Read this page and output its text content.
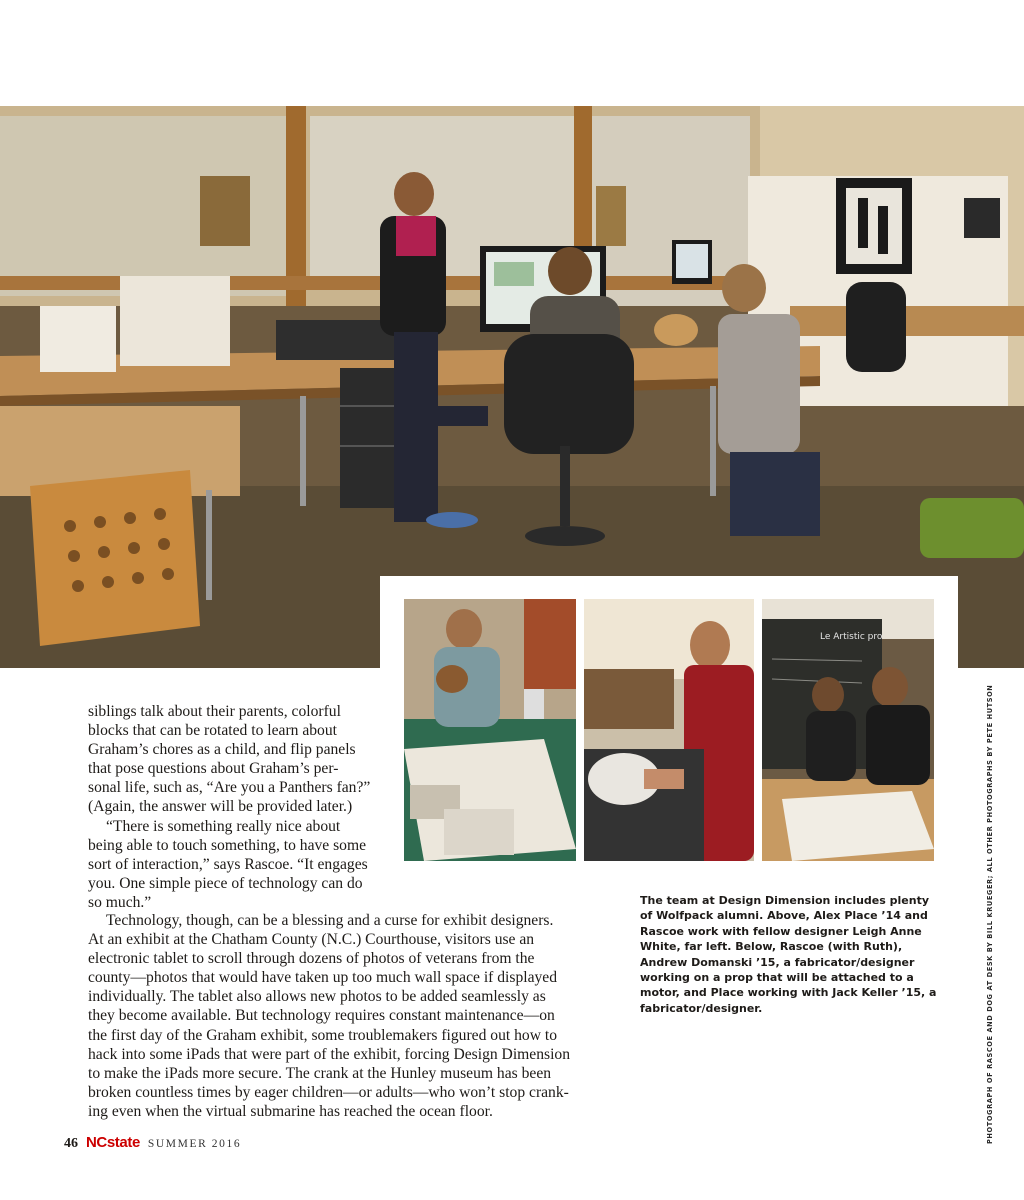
Le Artistic pro

siblings talk about their parents, colorful

blocks that can be rotated to learn about

Graham’s chores as a child, and flip panels

that pose questions about Graham’s per-

sonal life, such as, “Are you a Panthers fan?”

(Again, the answer will be provided later.)

“There is something really nice about

being able to touch something, to have some

sort of interaction,” says Rascoe. “It engages

you. One simple piece of technology can do

so much.”

Technology, though, can be a blessing and a curse for exhibit designers.

At an exhibit at the Chatham County (N.C.) Courthouse, visitors use an

electronic tablet to scroll through dozens of photos of veterans from the

county—photos that would have taken up too much wall space if displayed

individually. The tablet also allows new photos to be added seamlessly as

they become available. But technology requires constant maintenance—on

the first day of the Graham exhibit, some troublemakers figured out how to

hack into some iPads that were part of the exhibit, forcing Design Dimension

to make the iPads more secure. The crank at the Hunley museum has been

broken countless times by eager children—or adults—who won’t stop crank-

ing even when the virtual submarine has reached the ocean floor.

The team at Design Dimension includes plenty of Wolfpack alumni. Above, Alex Place ’14 and Rascoe work with fellow designer Leigh Anne White, far left. Below, Rascoe (with Ruth), Andrew Domanski ’15, a fabricator/designer working on a prop that will be attached to a motor, and Place working with Jack Keller ’15, a fabricator/designer.	PHOTOGRAPH OF RASCOE AND DOG AT DESK BY BILL KRUEGER; ALL OTHER PHOTOGRAPHS BY PETE HUTSON
46 NCstate SUMMER 2016
